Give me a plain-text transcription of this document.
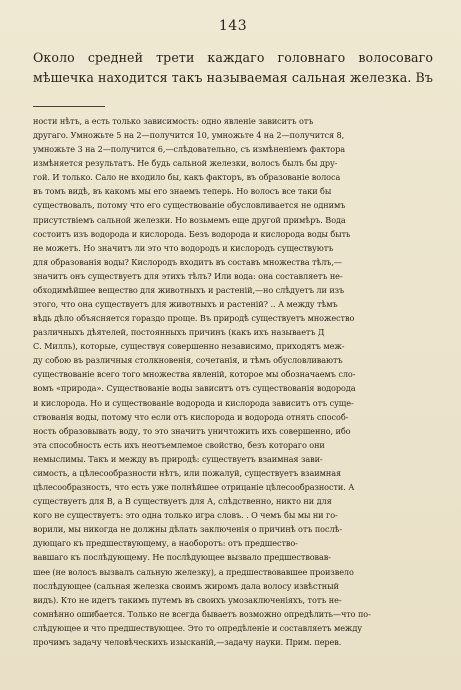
143

Около средней трети каждаго головнаго волосоваго мѣшечка находится такъ называемая сальная железка. Въ

ности нѣтъ, а есть только зависимость: одно явленіе зависитъ отъ
другаго. Умножьте 5 на 2—получится 10, умножьте 4 на 2—получится 8,
умножьте 3 на 2—получится 6,—слѣдовательно, съ измѣненіемъ фактора
измѣняется результатъ. Не будь сальной железки, волосъ былъ бы дру-
гой. И только. Сало не входило бы, какъ факторъ, въ образованіе волоса
въ томъ видѣ, въ какомъ мы его знаемъ теперь. Но волосъ все таки бы
существовалъ, потому что его существованіе обусловливается не однимъ
присутствіемъ сальной железки. Но возьмемъ еще другой примѣръ. Вода
состоитъ изъ водорода и кислорода. Безъ водорода и кислорода воды быть
не можетъ. Но значитъ ли это что водородъ и кислородъ существуютъ
для образованія воды? Кислородъ входитъ въ составъ множества тѣлъ,—
значитъ онъ существуетъ для этихъ тѣлъ? Или вода: она составляетъ не-
обходимѣйшее вещество для животныхъ и растеній,—но слѣдуетъ ли изъ
этого, что она существуетъ для животныхъ и растеній? .. А между тѣмъ
вѣдь дѣло объясняется гораздо проще. Въ природѣ существуетъ множество
различныхъ дѣятелей, постоянныхъ причинъ (какъ ихъ называетъ Д
С. Милль), которые, существуя совершенно независимо, приходятъ меж-
ду собою въ различныя столкновенія, сочетанія, и тѣмъ обусловливаютъ
существованіе всего того множества явленій, которое мы обозначаемъ сло-
вомъ «природа». Существованіе воды зависитъ отъ существованія водорода
и кислорода. Но и существованіе водорода и кислорода зависитъ отъ суще-
ствованія воды, потому что если отъ кислорода и водорода отнять способ-
ность образовывать воду, то это значитъ уничтожить ихъ совершенно, ибо
эта способность есть ихъ неотъемлемое свойство, безъ котораго они
немыслимы. Такъ и между въ природѣ: существуетъ взаимная зави-
симость, а цѣлесообразности нѣтъ, или пожалуй, существуетъ взаимная
цѣлесообразность, что есть уже полнѣйшее отрицаніе цѣлесообразности. А
существуетъ для В, а В существуетъ для А, слѣдственно, никто ни для
кого не существуетъ: это одна только игра словъ. . О чемъ бы мы ни го-
ворили, мы никогда не должны дѣлать заключенія о причинѣ отъ послѣ-
дующаго къ предшествующему, а наоборотъ: отъ предшество-
вавшаго къ послѣдующему. Не послѣдующее вызвало предшествовав-
шее (не волосъ вызвалъ сальную железку), а предшествовавшее произвело
послѣдующее (сальная железка своимъ жиромъ дала волосу извѣстный
видъ). Кто не идетъ такимъ путемъ въ своихъ умозаключеніяхъ, тотъ не-
сомнѣнно ошибается. Только не всегда бываетъ возможно опредѣлить—что по-
слѣдующее и что предшествующее. Это то опредѣленіе и составляетъ между
прочимъ задачу человѣческихъ изысканій,—задачу науки. Прим. перев.
